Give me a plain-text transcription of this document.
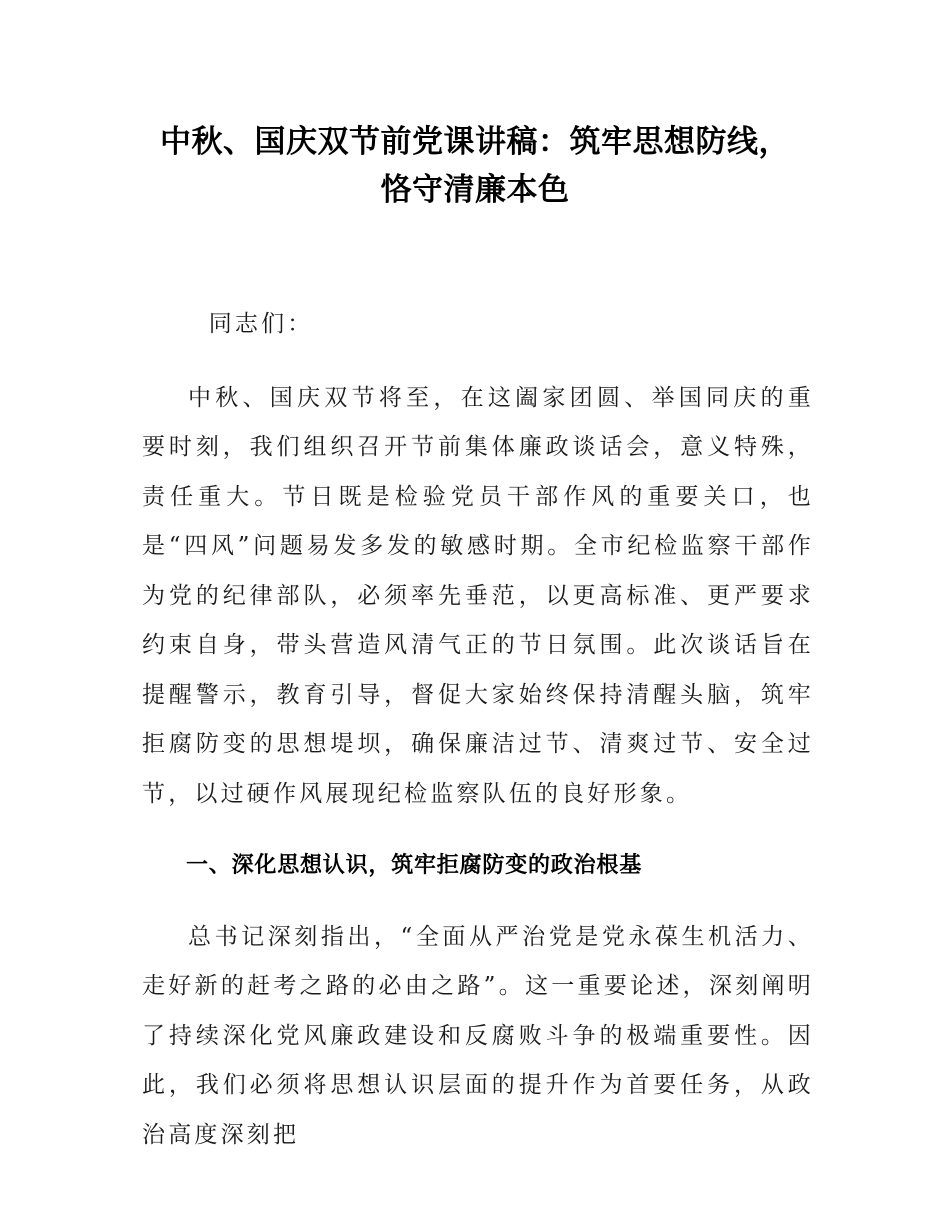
中秋、国庆双节前党课讲稿：筑牢思想防线，
恪守清廉本色

同志们：

中秋、国庆双节将至，在这阖家团圆、举国同庆的重要时刻，我们组织召开节前集体廉政谈话会，意义特殊，责任重大。节日既是检验党员干部作风的重要关口，也是“四风”问题易发多发的敏感时期。全市纪检监察干部作为党的纪律部队，必须率先垂范，以更高标准、更严要求约束自身，带头营造风清气正的节日氛围。此次谈话旨在提醒警示，教育引导，督促大家始终保持清醒头脑，筑牢拒腐防变的思想堤坝，确保廉洁过节、清爽过节、安全过节，以过硬作风展现纪检监察队伍的良好形象。

一、深化思想认识，筑牢拒腐防变的政治根基

总书记深刻指出，“全面从严治党是党永葆生机活力、走好新的赶考之路的必由之路”。这一重要论述，深刻阐明了持续深化党风廉政建设和反腐败斗争的极端重要性。因此，我们必须将思想认识层面的提升作为首要任务，从政治高度深刻把
